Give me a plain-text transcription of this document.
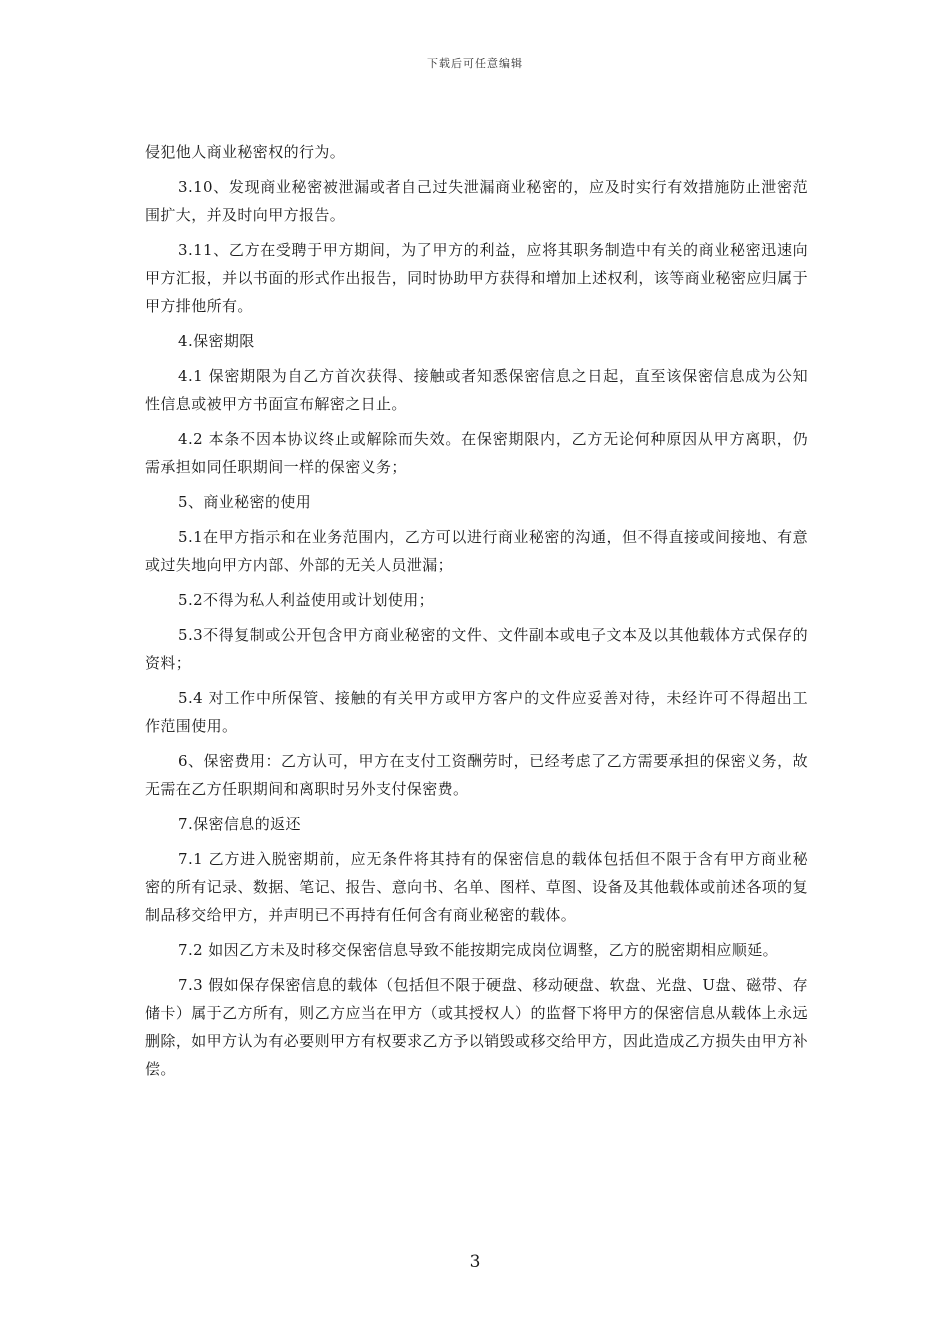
下载后可任意编辑

侵犯他人商业秘密权的行为。

3.10、发现商业秘密被泄漏或者自己过失泄漏商业秘密的，应及时实行有效措施防止泄密范围扩大，并及时向甲方报告。

3.11、乙方在受聘于甲方期间，为了甲方的利益，应将其职务制造中有关的商业秘密迅速向甲方汇报，并以书面的形式作出报告，同时协助甲方获得和增加上述权利，该等商业秘密应归属于甲方排他所有。

4.保密期限

4.1 保密期限为自乙方首次获得、接触或者知悉保密信息之日起，直至该保密信息成为公知性信息或被甲方书面宣布解密之日止。

4.2 本条不因本协议终止或解除而失效。在保密期限内，乙方无论何种原因从甲方离职，仍需承担如同任职期间一样的保密义务；

5、商业秘密的使用

5.1在甲方指示和在业务范围内，乙方可以进行商业秘密的沟通，但不得直接或间接地、有意或过失地向甲方内部、外部的无关人员泄漏；

5.2不得为私人利益使用或计划使用；

5.3不得复制或公开包含甲方商业秘密的文件、文件副本或电子文本及以其他载体方式保存的资料；

5.4 对工作中所保管、接触的有关甲方或甲方客户的文件应妥善对待，未经许可不得超出工作范围使用。

6、保密费用：乙方认可，甲方在支付工资酬劳时，已经考虑了乙方需要承担的保密义务，故无需在乙方任职期间和离职时另外支付保密费。

7.保密信息的返还

7.1 乙方进入脱密期前，应无条件将其持有的保密信息的载体包括但不限于含有甲方商业秘密的所有记录、数据、笔记、报告、意向书、名单、图样、草图、设备及其他载体或前述各项的复制品移交给甲方，并声明已不再持有任何含有商业秘密的载体。

7.2 如因乙方未及时移交保密信息导致不能按期完成岗位调整，乙方的脱密期相应顺延。

7.3 假如保存保密信息的载体（包括但不限于硬盘、移动硬盘、软盘、光盘、U盘、磁带、存储卡）属于乙方所有，则乙方应当在甲方（或其授权人）的监督下将甲方的保密信息从载体上永远删除，如甲方认为有必要则甲方有权要求乙方予以销毁或移交给甲方，因此造成乙方损失由甲方补偿。

3
